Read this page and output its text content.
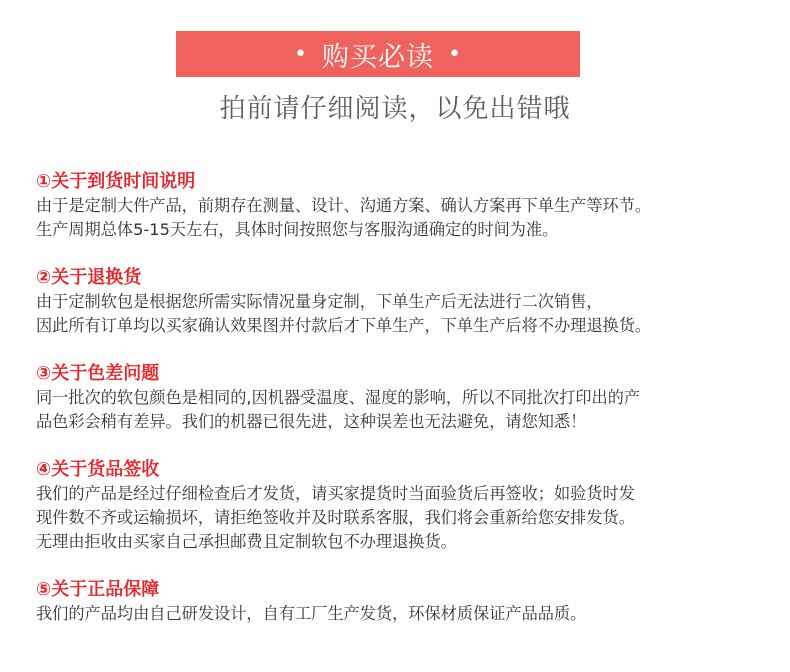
• 购买必读 •
拍前请仔细阅读，以免出错哦
①关于到货时间说明
由于是定制大件产品，前期存在测量、设计、沟通方案、确认方案再下单生产等环节。
生产周期总体5-15天左右，具体时间按照您与客服沟通确定的时间为准。
②关于退换货
由于定制软包是根据您所需实际情况量身定制，下单生产后无法进行二次销售，
因此所有订单均以买家确认效果图并付款后才下单生产，下单生产后将不办理退换货。
③关于色差问题
同一批次的软包颜色是相同的,因机器受温度、湿度的影响，所以不同批次打印出的产
品色彩会稍有差异。我们的机器已很先进，这种误差也无法避免，请您知悉！
④关于货品签收
我们的产品是经过仔细检查后才发货，请买家提货时当面验货后再签收；如验货时发
现件数不齐或运输损坏，请拒绝签收并及时联系客服，我们将会重新给您安排发货。
无理由拒收由买家自己承担邮费且定制软包不办理退换货。
⑤关于正品保障
我们的产品均由自己研发设计，自有工厂生产发货，环保材质保证产品品质。
